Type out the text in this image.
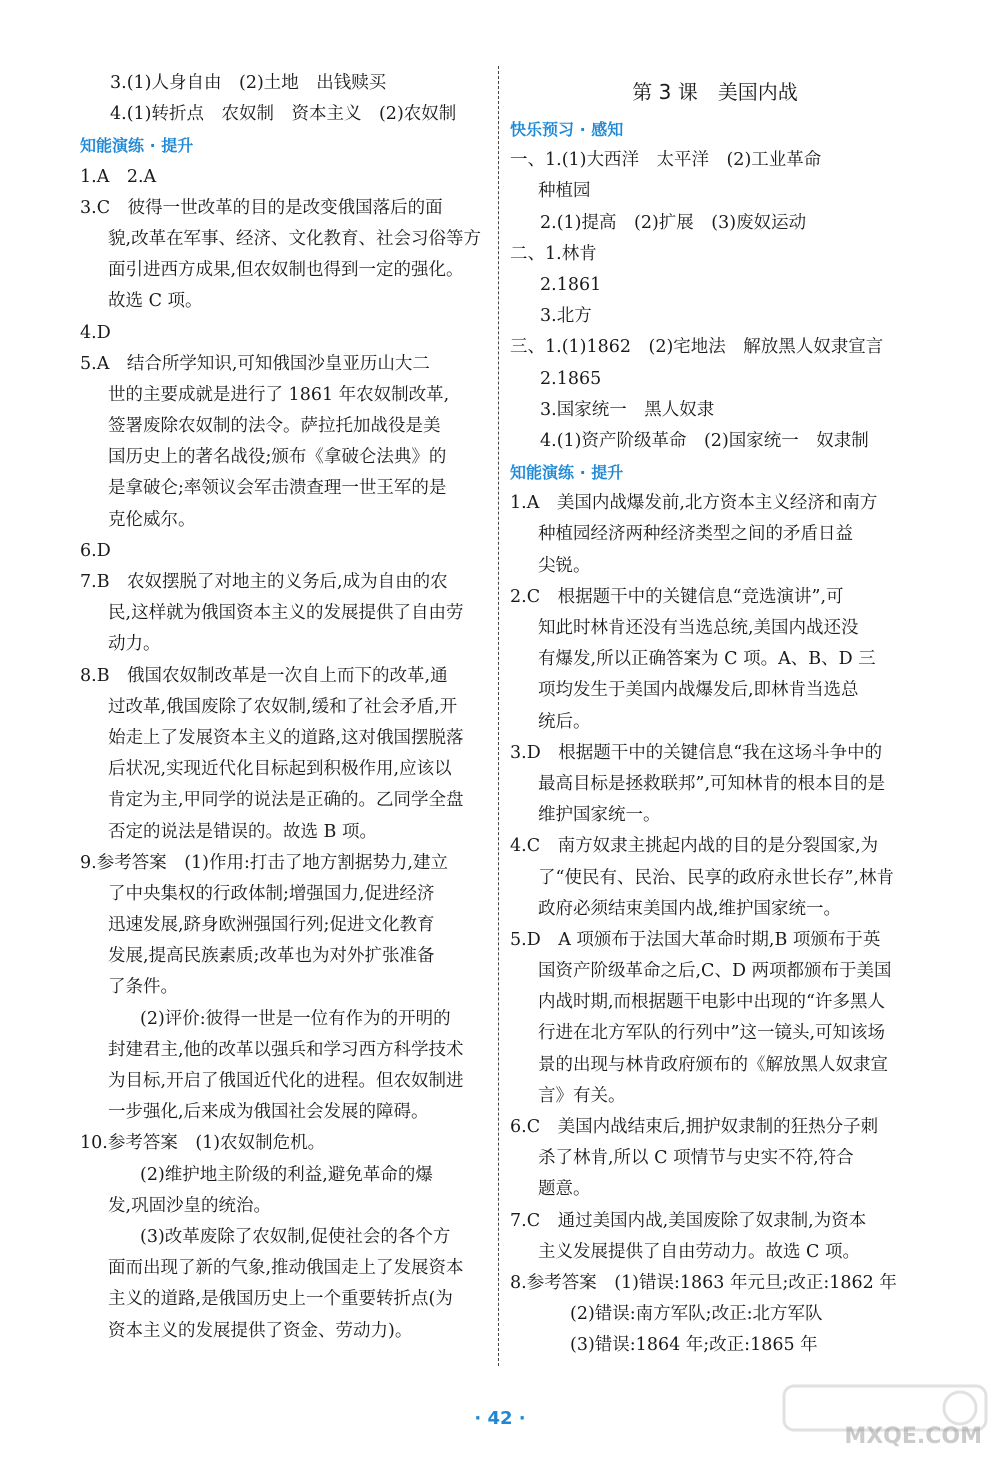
3.(1)人身自由　(2)土地　出钱赎买
4.(1)转折点　农奴制　资本主义　(2)农奴制
知能演练 · 提升
1.A　2.A
3.C　彼得一世改革的目的是改变俄国落后的面
貌,改革在军事、经济、文化教育、社会习俗等方
面引进西方成果,但农奴制也得到一定的强化。
故选 C 项。
4.D
5.A　结合所学知识,可知俄国沙皇亚历山大二
世的主要成就是进行了 1861 年农奴制改革,
签署废除农奴制的法令。萨拉托加战役是美
国历史上的著名战役;颁布《拿破仑法典》的
是拿破仑;率领议会军击溃查理一世王军的是
克伦威尔。
6.D
7.B　农奴摆脱了对地主的义务后,成为自由的农
民,这样就为俄国资本主义的发展提供了自由劳
动力。
8.B　俄国农奴制改革是一次自上而下的改革,通
过改革,俄国废除了农奴制,缓和了社会矛盾,开
始走上了发展资本主义的道路,这对俄国摆脱落
后状况,实现近代化目标起到积极作用,应该以
肯定为主,甲同学的说法是正确的。乙同学全盘
否定的说法是错误的。故选 B 项。
9.参考答案　(1)作用:打击了地方割据势力,建立
了中央集权的行政体制;增强国力,促进经济
迅速发展,跻身欧洲强国行列;促进文化教育
发展,提高民族素质;改革也为对外扩张准备
了条件。
(2)评价:彼得一世是一位有作为的开明的
封建君主,他的改革以强兵和学习西方科学技术
为目标,开启了俄国近代化的进程。但农奴制进
一步强化,后来成为俄国社会发展的障碍。
10.参考答案　(1)农奴制危机。
(2)维护地主阶级的利益,避免革命的爆
发,巩固沙皇的统治。
(3)改革废除了农奴制,促使社会的各个方
面而出现了新的气象,推动俄国走上了发展资本
主义的道路,是俄国历史上一个重要转折点(为
资本主义的发展提供了资金、劳动力)。
第 3 课　美国内战
快乐预习 · 感知
一、1.(1)大西洋　太平洋　(2)工业革命
种植园
2.(1)提高　(2)扩展　(3)废奴运动
二、1.林肯
2.1861
3.北方
三、1.(1)1862　(2)宅地法　解放黑人奴隶宣言
2.1865
3.国家统一　黑人奴隶
4.(1)资产阶级革命　(2)国家统一　奴隶制
知能演练 · 提升
1.A　美国内战爆发前,北方资本主义经济和南方
种植园经济两种经济类型之间的矛盾日益
尖锐。
2.C　根据题干中的关键信息“竞选演讲”,可
知此时林肯还没有当选总统,美国内战还没
有爆发,所以正确答案为 C 项。A、B、D 三
项均发生于美国内战爆发后,即林肯当选总
统后。
3.D　根据题干中的关键信息“我在这场斗争中的
最高目标是拯救联邦”,可知林肯的根本目的是
维护国家统一。
4.C　南方奴隶主挑起内战的目的是分裂国家,为
了“使民有、民治、民享的政府永世长存”,林肯
政府必须结束美国内战,维护国家统一。
5.D　A 项颁布于法国大革命时期,B 项颁布于英
国资产阶级革命之后,C、D 两项都颁布于美国
内战时期,而根据题干电影中出现的“许多黑人
行进在北方军队的行列中”这一镜头,可知该场
景的出现与林肯政府颁布的《解放黑人奴隶宣
言》有关。
6.C　美国内战结束后,拥护奴隶制的狂热分子刺
杀了林肯,所以 C 项情节与史实不符,符合
题意。
7.C　通过美国内战,美国废除了奴隶制,为资本
主义发展提供了自由劳动力。故选 C 项。
8.参考答案　(1)错误:1863 年元旦;改正:1862 年
(2)错误:南方军队;改正:北方军队
(3)错误:1864 年;改正:1865 年
· 42 ·
MXQE.COM
